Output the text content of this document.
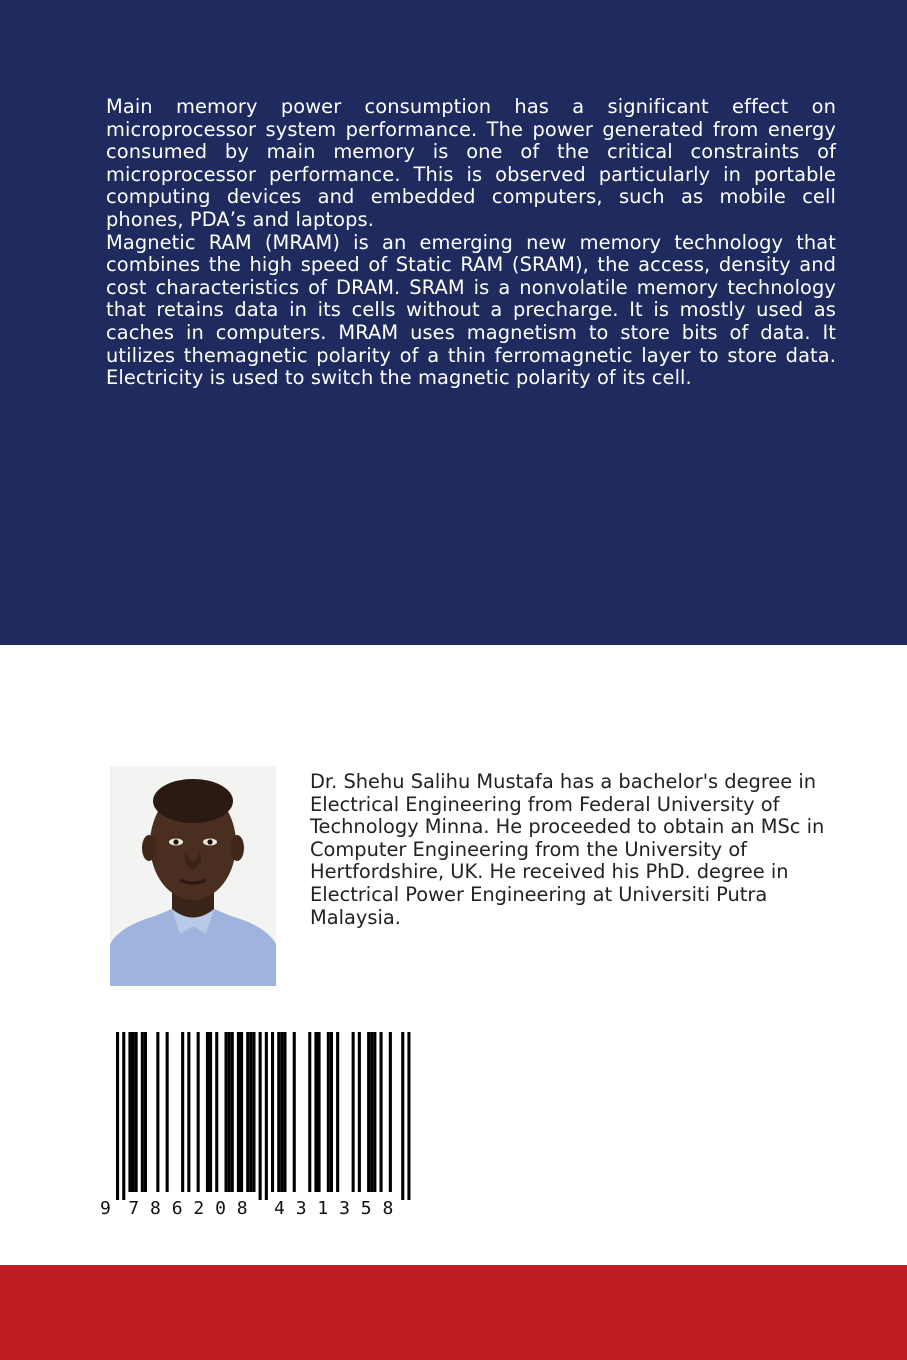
Main memory power consumption has a significant effect on microprocessor system performance. The power generated from energy consumed by main memory is one of the critical constraints of microprocessor performance. This is observed particularly in portable computing devices and embedded computers, such as mobile cell phones, PDA’s and laptops.

Magnetic RAM (MRAM) is an emerging new memory technology that combines the high speed of Static RAM (SRAM), the access, density and cost characteristics of DRAM. SRAM is a nonvolatile memory technology that retains data in its cells without a precharge. It is mostly used as caches in computers. MRAM uses magnetism to store bits of data. It utilizes themagnetic polarity of a thin ferromagnetic layer to store data. Electricity is used to switch the magnetic polarity of its cell.

Dr. Shehu Salihu Mustafa has a bachelor's degree in Electrical Engineering from Federal University of Technology Minna. He proceeded to obtain an MSc in Computer Engineering from the University of Hertfordshire, UK. He received his PhD. degree in Electrical Power Engineering at Universiti Putra Malaysia.
9 7 8 6 2 0 8 4 3 1 3 5 8
